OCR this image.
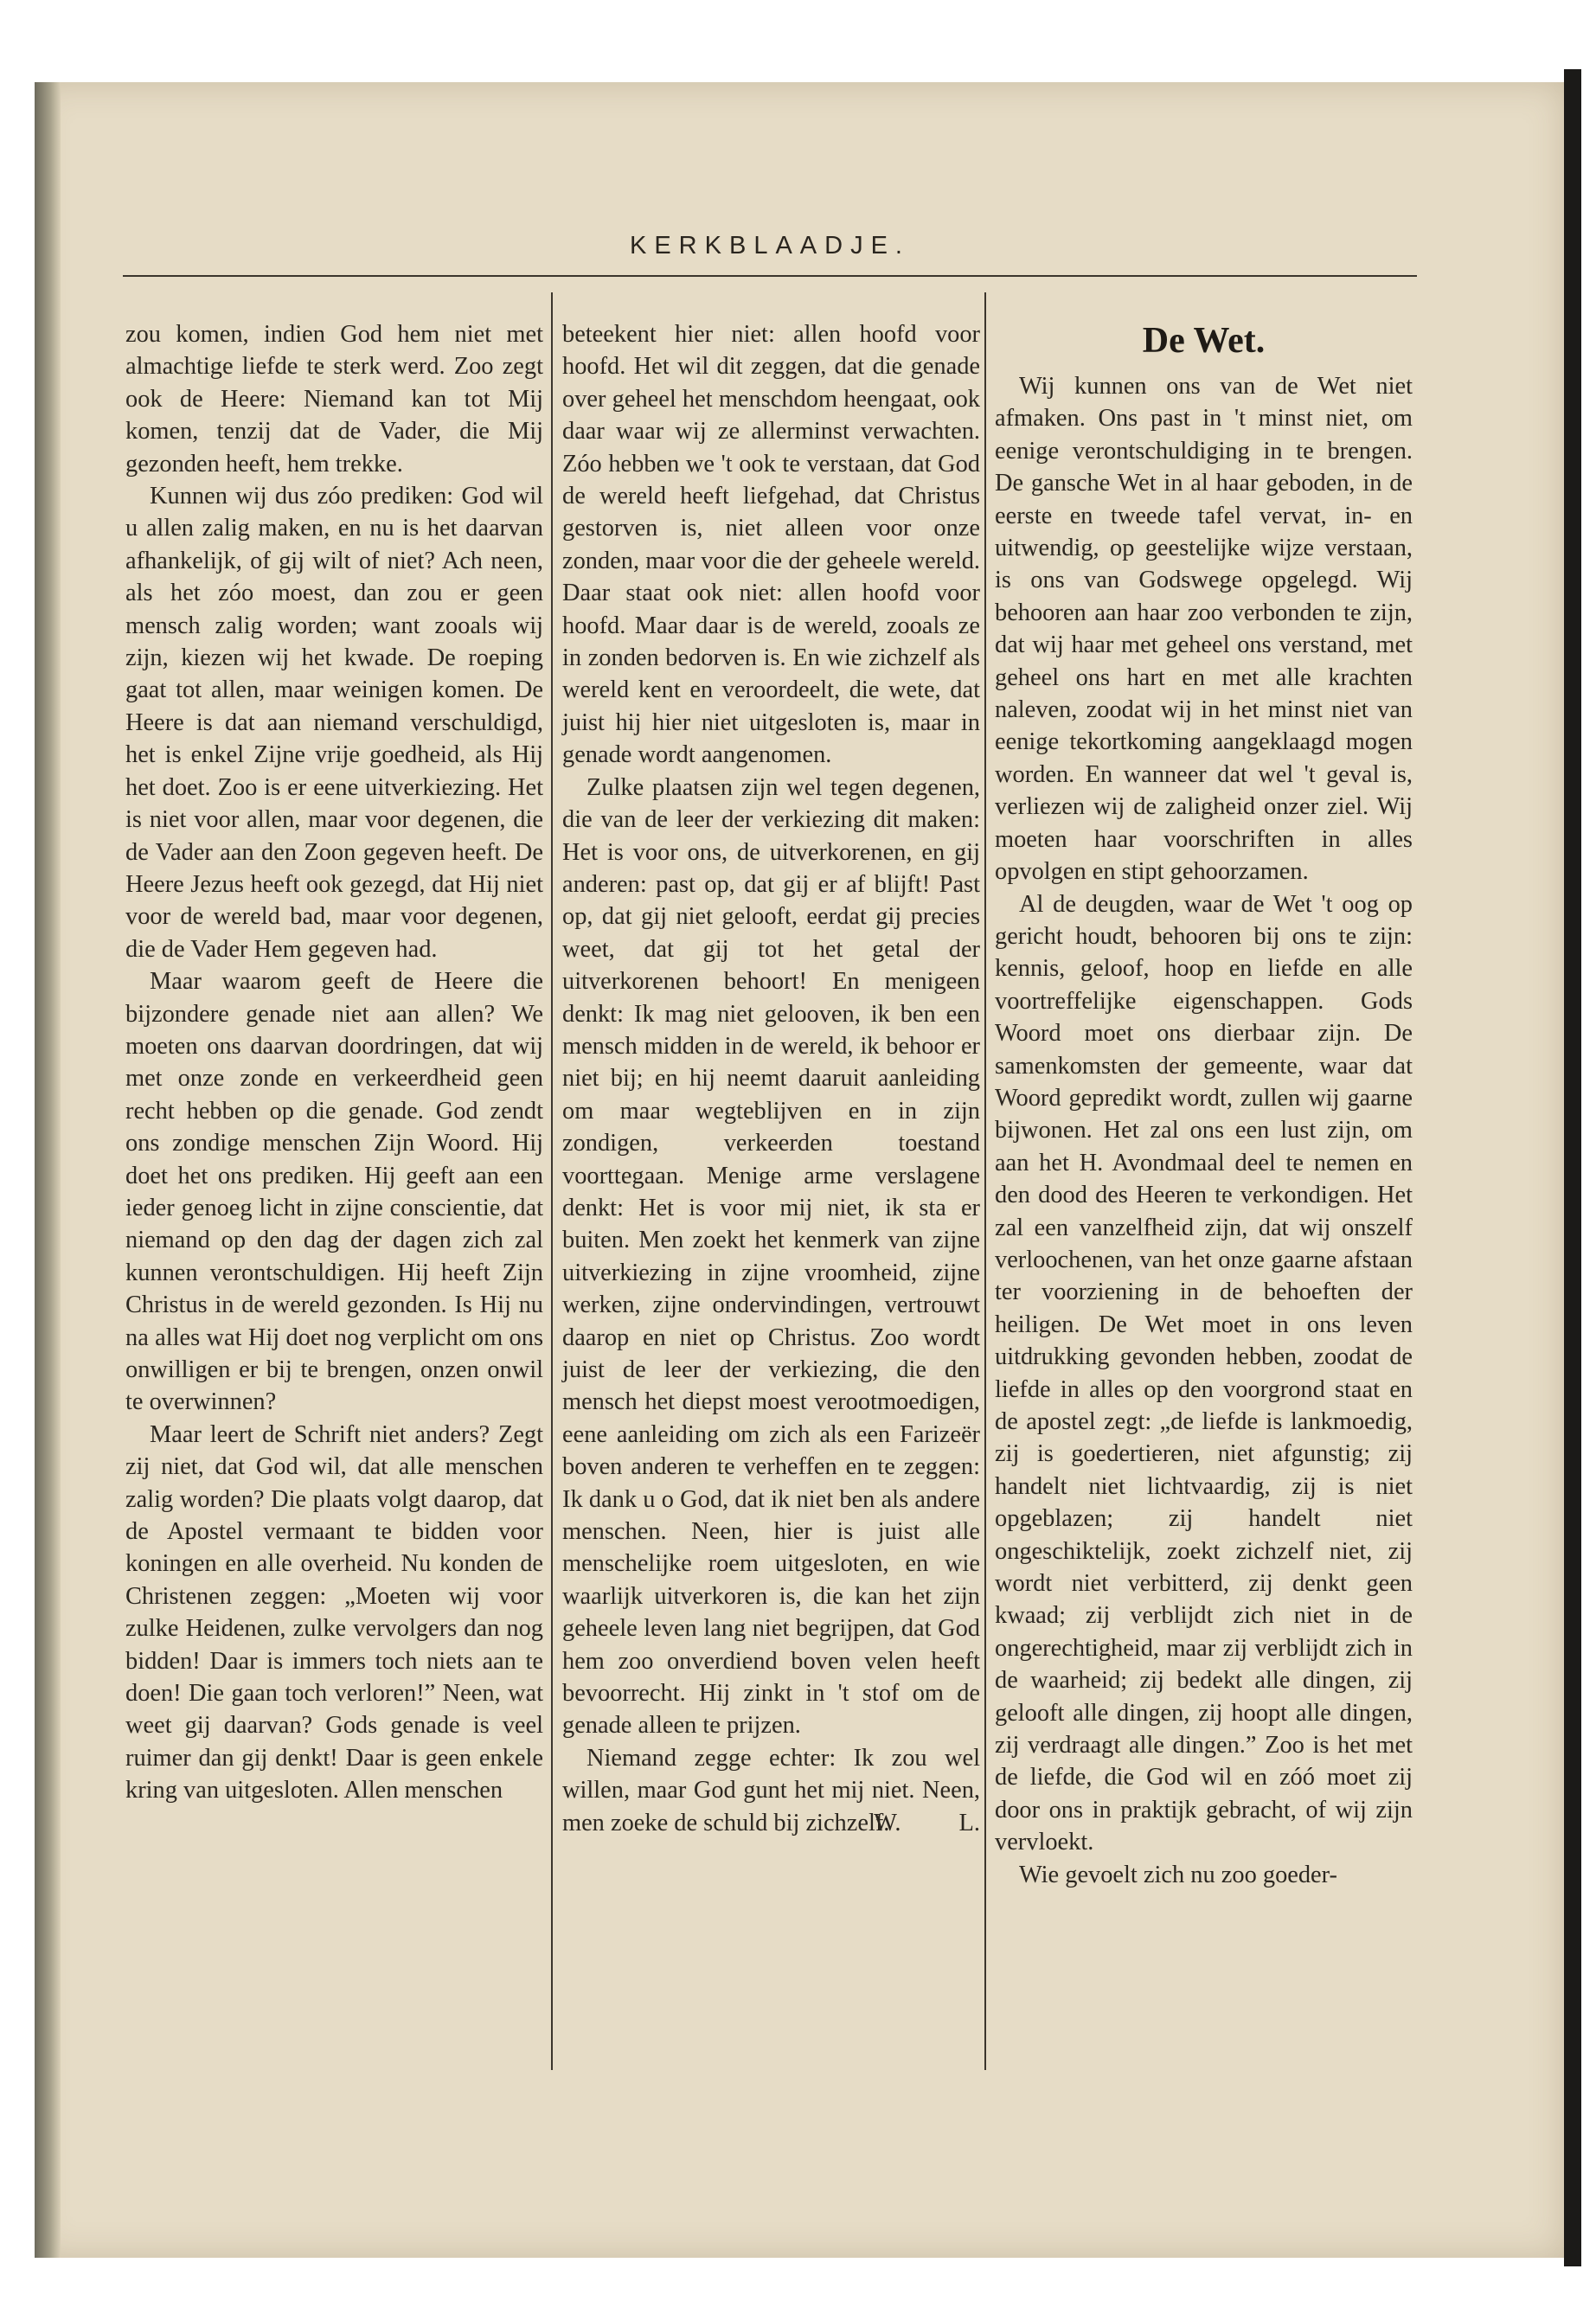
KERKBLAADJE.

zou komen, indien God hem niet met almachtige liefde te sterk werd. Zoo zegt ook de Heere: Niemand kan tot Mij komen, tenzij dat de Vader, die Mij gezonden heeft, hem trekke.

Kunnen wij dus zóo prediken: God wil u allen zalig maken, en nu is het daarvan afhankelijk, of gij wilt of niet? Ach neen, als het zóo moest, dan zou er geen mensch zalig worden; want zooals wij zijn, kiezen wij het kwade. De roeping gaat tot allen, maar weinigen komen. De Heere is dat aan niemand verschuldigd, het is enkel Zijne vrije goedheid, als Hij het doet. Zoo is er eene uitverkiezing. Het is niet voor allen, maar voor degenen, die de Vader aan den Zoon gegeven heeft. De Heere Jezus heeft ook gezegd, dat Hij niet voor de wereld bad, maar voor degenen, die de Vader Hem gegeven had.

Maar waarom geeft de Heere die bijzondere genade niet aan allen? We moeten ons daarvan doordringen, dat wij met onze zonde en verkeerdheid geen recht hebben op die genade. God zendt ons zondige menschen Zijn Woord. Hij doet het ons prediken. Hij geeft aan een ieder genoeg licht in zijne conscientie, dat niemand op den dag der dagen zich zal kunnen verontschuldigen. Hij heeft Zijn Christus in de wereld gezonden. Is Hij nu na alles wat Hij doet nog verplicht om ons onwilligen er bij te brengen, onzen onwil te overwinnen?

Maar leert de Schrift niet anders? Zegt zij niet, dat God wil, dat alle menschen zalig worden? Die plaats volgt daarop, dat de Apostel vermaant te bidden voor koningen en alle overheid. Nu konden de Christenen zeggen: „Moeten wij voor zulke Heidenen, zulke vervolgers dan nog bidden! Daar is immers toch niets aan te doen! Die gaan toch verloren!” Neen, wat weet gij daarvan? Gods genade is veel ruimer dan gij denkt! Daar is geen enkele kring van uitgesloten. Allen menschen

beteekent hier niet: allen hoofd voor hoofd. Het wil dit zeggen, dat die genade over geheel het menschdom heengaat, ook daar waar wij ze allerminst verwachten. Zóo hebben we 't ook te verstaan, dat God de wereld heeft liefgehad, dat Christus gestorven is, niet alleen voor onze zonden, maar voor die der geheele wereld. Daar staat ook niet: allen hoofd voor hoofd. Maar daar is de wereld, zooals ze in zonden bedorven is. En wie zichzelf als wereld kent en veroordeelt, die wete, dat juist hij hier niet uitgesloten is, maar in genade wordt aangenomen.

Zulke plaatsen zijn wel tegen degenen, die van de leer der verkiezing dit maken: Het is voor ons, de uitverkorenen, en gij anderen: past op, dat gij er af blijft! Past op, dat gij niet gelooft, eerdat gij precies weet, dat gij tot het getal der uitverkorenen behoort! En menigeen denkt: Ik mag niet gelooven, ik ben een mensch midden in de wereld, ik behoor er niet bij; en hij neemt daaruit aanleiding om maar wegteblijven en in zijn zondigen, verkeerden toestand voorttegaan. Menige arme verslagene denkt: Het is voor mij niet, ik sta er buiten. Men zoekt het kenmerk van zijne uitverkiezing in zijne vroomheid, zijne werken, zijne ondervindingen, vertrouwt daarop en niet op Christus. Zoo wordt juist de leer der verkiezing, die den mensch het diepst moest verootmoedigen, eene aanleiding om zich als een Farizeër boven anderen te verheffen en te zeggen: Ik dank u o God, dat ik niet ben als andere menschen. Neen, hier is juist alle menschelijke roem uitgesloten, en wie waarlijk uitverkoren is, die kan het zijn geheele leven lang niet begrijpen, dat God hem zoo onverdiend boven velen heeft bevoorrecht. Hij zinkt in 't stof om de genade alleen te prijzen.

Niemand zegge echter: Ik zou wel willen, maar God gunt het mij niet. Neen, men zoeke de schuld bij zichzelf.

W. L.

De Wet.

Wij kunnen ons van de Wet niet afmaken. Ons past in 't minst niet, om eenige verontschuldiging in te brengen. De gansche Wet in al haar geboden, in de eerste en tweede tafel vervat, in- en uitwendig, op geestelijke wijze verstaan, is ons van Godswege opgelegd. Wij behooren aan haar zoo verbonden te zijn, dat wij haar met geheel ons verstand, met geheel ons hart en met alle krachten naleven, zoodat wij in het minst niet van eenige tekortkoming aangeklaagd mogen worden. En wanneer dat wel 't geval is, verliezen wij de zaligheid onzer ziel. Wij moeten haar voorschriften in alles opvolgen en stipt gehoorzamen.

Al de deugden, waar de Wet 't oog op gericht houdt, behooren bij ons te zijn: kennis, geloof, hoop en liefde en alle voortreffelijke eigenschappen. Gods Woord moet ons dierbaar zijn. De samenkomsten der gemeente, waar dat Woord gepredikt wordt, zullen wij gaarne bijwonen. Het zal ons een lust zijn, om aan het H. Avondmaal deel te nemen en den dood des Heeren te verkondigen. Het zal een vanzelfheid zijn, dat wij onszelf verloochenen, van het onze gaarne afstaan ter voorziening in de behoeften der heiligen. De Wet moet in ons leven uitdrukking gevonden hebben, zoodat de liefde in alles op den voorgrond staat en de apostel zegt: „de liefde is lankmoedig, zij is goedertieren, niet afgunstig; zij handelt niet lichtvaardig, zij is niet opgeblazen; zij handelt niet ongeschiktelijk, zoekt zichzelf niet, zij wordt niet verbitterd, zij denkt geen kwaad; zij verblijdt zich niet in de ongerechtigheid, maar zij verblijdt zich in de waarheid; zij bedekt alle dingen, zij gelooft alle dingen, zij hoopt alle dingen, zij verdraagt alle dingen.” Zoo is het met de liefde, die God wil en zóó moet zij door ons in praktijk gebracht, of wij zijn vervloekt.

Wie gevoelt zich nu zoo goeder-
